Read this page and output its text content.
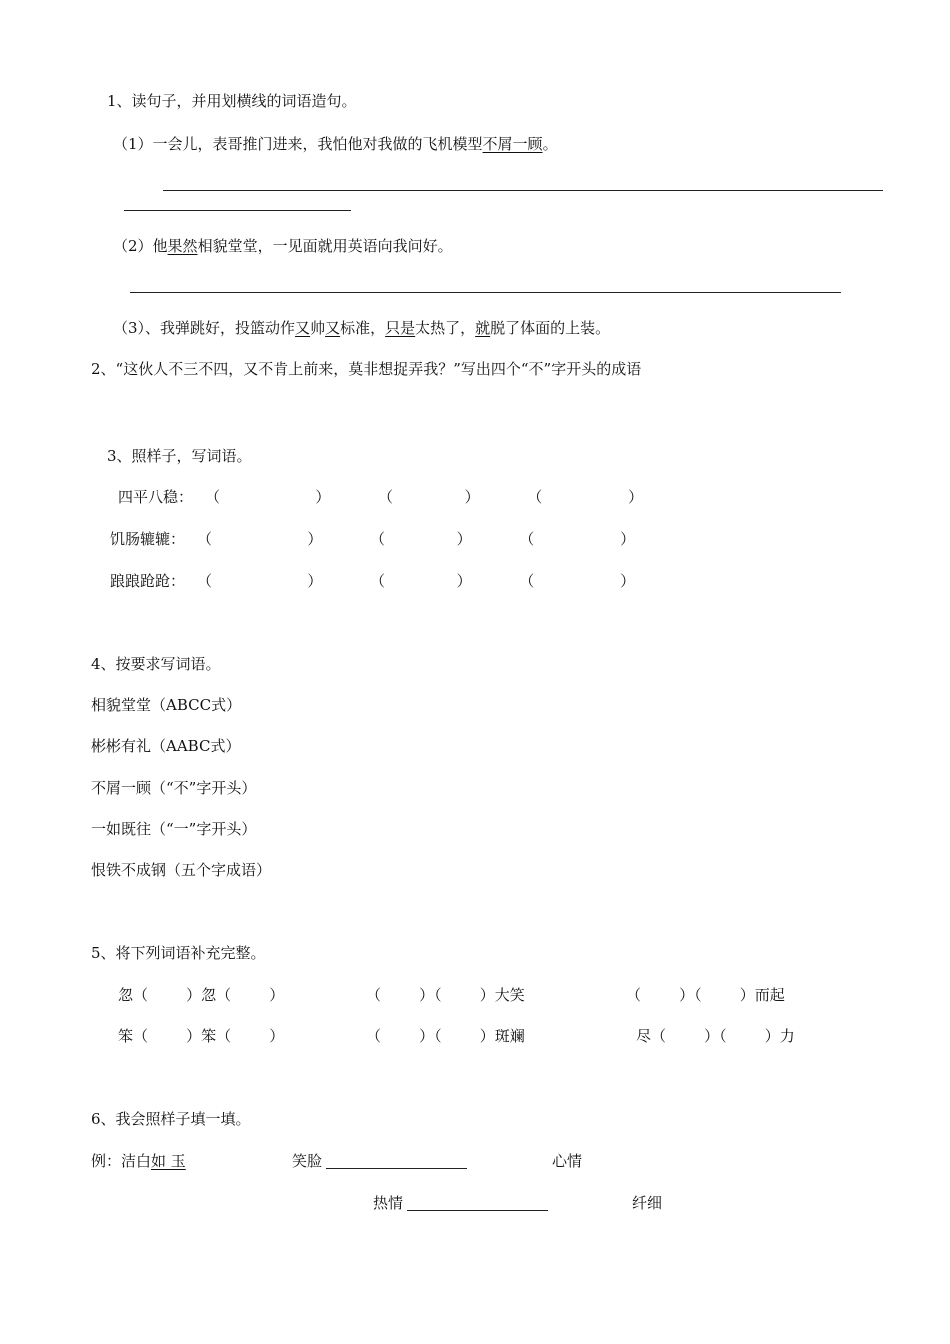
1、读句子，并用划横线的词语造句。
（1）一会儿，表哥推门进来，我怕他对我做的飞机模型不屑一顾。
（2）他果然相貌堂堂，一见面就用英语向我问好。
（3）、我弹跳好，投篮动作又帅又标准，只是太热了，就脱了体面的上装。
2、“这伙人不三不四，又不肯上前来，莫非想捉弄我？”写出四个“不”字开头的成语
3、照样子，写词语。
四平八稳： （                    ）          （               ）          （                  ）
饥肠辘辘： （                    ）          （               ）          （                  ）
踉踉跄跄： （                    ）          （               ）          （                  ）
4、按要求写词语。
相貌堂堂（ABCC式）
彬彬有礼（AABC式）
不屑一顾（“不”字开头）
一如既往（“一”字开头）
恨铁不成钢（五个字成语）
5、将下列词语补充完整。
忽（        ）忽（        ）	（        ）（        ）大笑	（        ）（        ）而起
笨（        ）笨（        ）	（        ）（        ）斑斓	尽（        ）（        ）力
6、我会照样子填一填。
例：洁白如 玉	笑脸	心情
热情	纤细
